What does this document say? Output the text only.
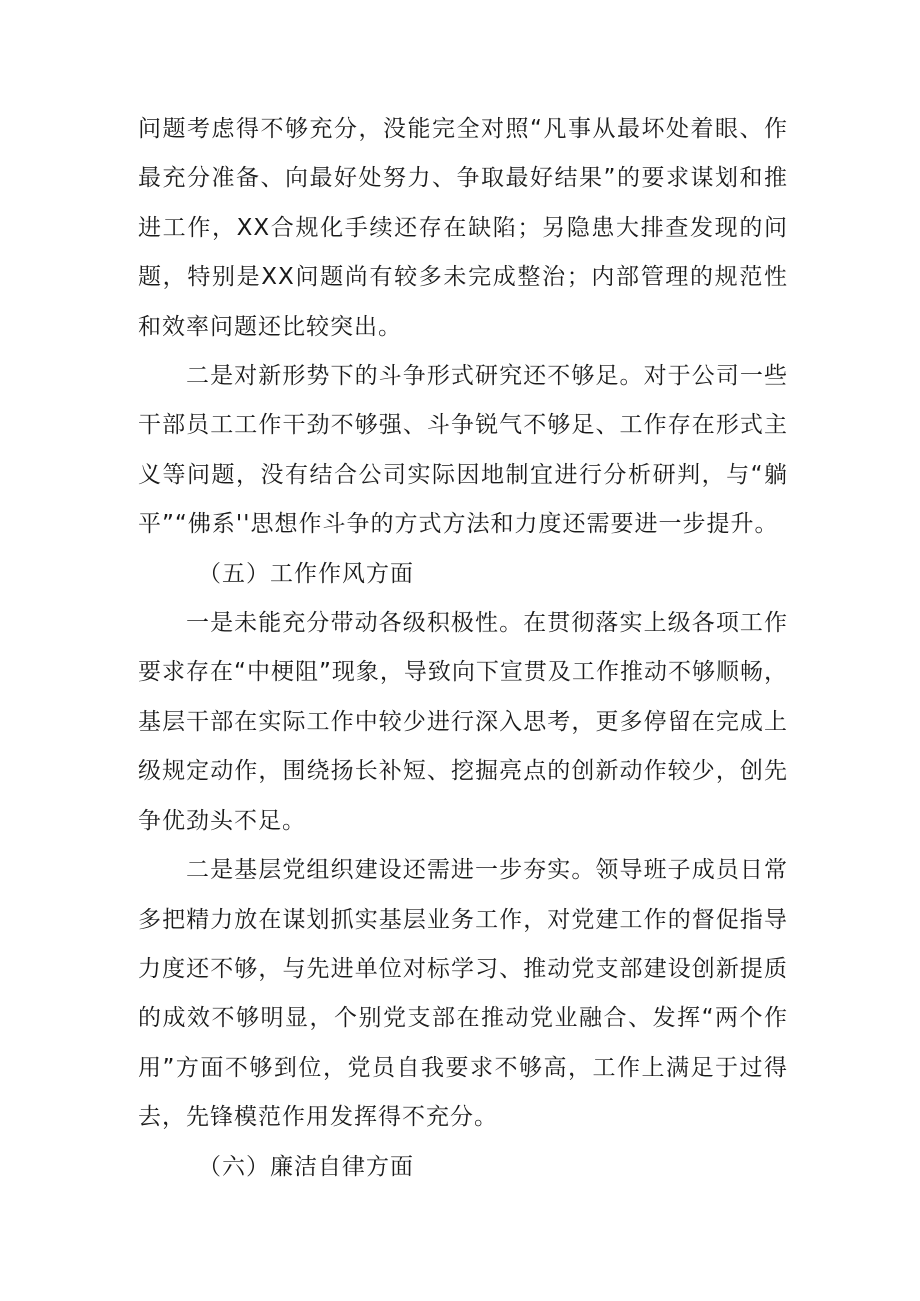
问题考虑得不够充分，没能完全对照“凡事从最坏处着眼、作最充分准备、向最好处努力、争取最好结果”的要求谋划和推进工作，XX合规化手续还存在缺陷；另隐患大排查发现的问题，特别是XX问题尚有较多未完成整治；内部管理的规范性和效率问题还比较突出。

二是对新形势下的斗争形式研究还不够足。对于公司一些干部员工工作干劲不够强、斗争锐气不够足、工作存在形式主义等问题，没有结合公司实际因地制宜进行分析研判，与“躺平”“佛系''思想作斗争的方式方法和力度还需要进一步提升。

（五）工作作风方面

一是未能充分带动各级积极性。在贯彻落实上级各项工作要求存在“中梗阻”现象，导致向下宣贯及工作推动不够顺畅，基层干部在实际工作中较少进行深入思考，更多停留在完成上级规定动作，围绕扬长补短、挖掘亮点的创新动作较少，创先争优劲头不足。

二是基层党组织建设还需进一步夯实。领导班子成员日常多把精力放在谋划抓实基层业务工作，对党建工作的督促指导力度还不够，与先进单位对标学习、推动党支部建设创新提质的成效不够明显，个别党支部在推动党业融合、发挥“两个作用”方面不够到位，党员自我要求不够高，工作上满足于过得去，先锋模范作用发挥得不充分。

（六）廉洁自律方面
